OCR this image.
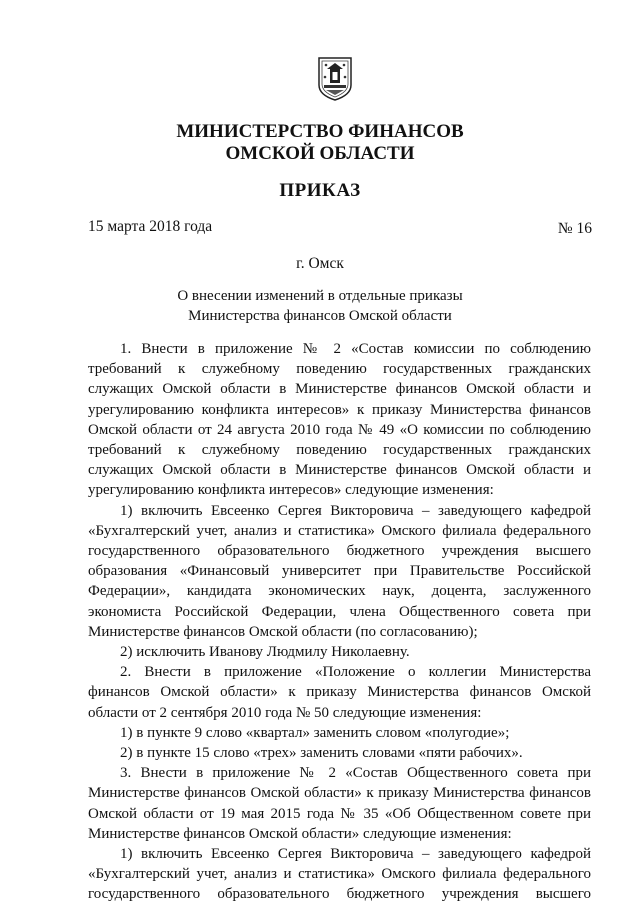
МИНИСТЕРСТВО ФИНАНСОВ
ОМСКОЙ ОБЛАСТИ
ПРИКАЗ
15 марта 2018 года	№ 16
г. Омск
О внесении изменений в отдельные приказы
Министерства финансов Омской области
1. Внести в приложение № 2 «Состав комиссии по соблюдению
требований к служебному поведению государственных гражданских
служащих Омской области в Министерстве финансов Омской области и
урегулированию конфликта интересов» к приказу Министерства финансов
Омской области от 24 августа 2010 года № 49 «О комиссии по соблюдению
требований к служебному поведению государственных гражданских
служащих Омской области в Министерстве финансов Омской области и
урегулированию конфликта интересов» следующие изменения:
1) включить Евсеенко Сергея Викторовича – заведующего кафедрой
«Бухгалтерский учет, анализ и статистика» Омского филиала федерального
государственного образовательного бюджетного учреждения высшего
образования «Финансовый университет при Правительстве Российской
Федерации», кандидата экономических наук, доцента, заслуженного
экономиста Российской Федерации, члена Общественного совета при
Министерстве финансов Омской области (по согласованию);
2) исключить Иванову Людмилу Николаевну.
2. Внести в приложение «Положение о коллегии Министерства
финансов Омской области» к приказу Министерства финансов Омской
области от 2 сентября 2010 года № 50 следующие изменения:
1) в пункте 9 слово «квартал» заменить словом «полугодие»;
2) в пункте 15 слово «трех» заменить словами «пяти рабочих».
3. Внести в приложение № 2 «Состав Общественного совета при
Министерстве финансов Омской области» к приказу Министерства финансов
Омской области от 19 мая 2015 года № 35 «Об Общественном совете при
Министерстве финансов Омской области» следующие изменения:
1) включить Евсеенко Сергея Викторовича – заведующего кафедрой
«Бухгалтерский учет, анализ и статистика» Омского филиала федерального
государственного образовательного бюджетного учреждения высшего
